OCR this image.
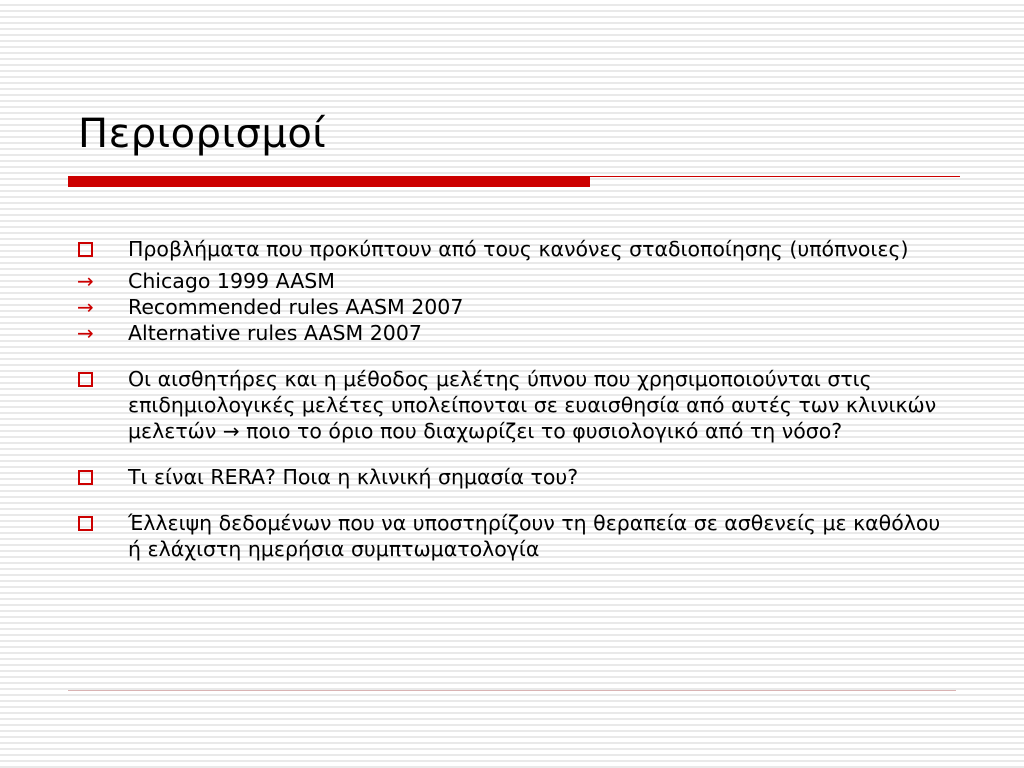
Περιορισμοί
Προβλήματα που προκύπτουν από τους κανόνες σταδιοποίησης (υπόπνοιες)
→	Chicago 1999 AASM
→	Recommended rules AASM 2007
→	Alternative rules AASM 2007
Οι αισθητήρες και η μέθοδος μελέτης ύπνου που χρησιμοποιούνται στις επιδημιολογικές μελέτες υπολείπονται σε ευαισθησία από αυτές των κλινικών μελετών → ποιο το όριο που διαχωρίζει το φυσιολογικό από τη νόσο?
Τι είναι RERA? Ποια η κλινική σημασία του?
Έλλειψη δεδομένων που να υποστηρίζουν τη θεραπεία σε ασθενείς με καθόλου ή ελάχιστη ημερήσια συμπτωματολογία
